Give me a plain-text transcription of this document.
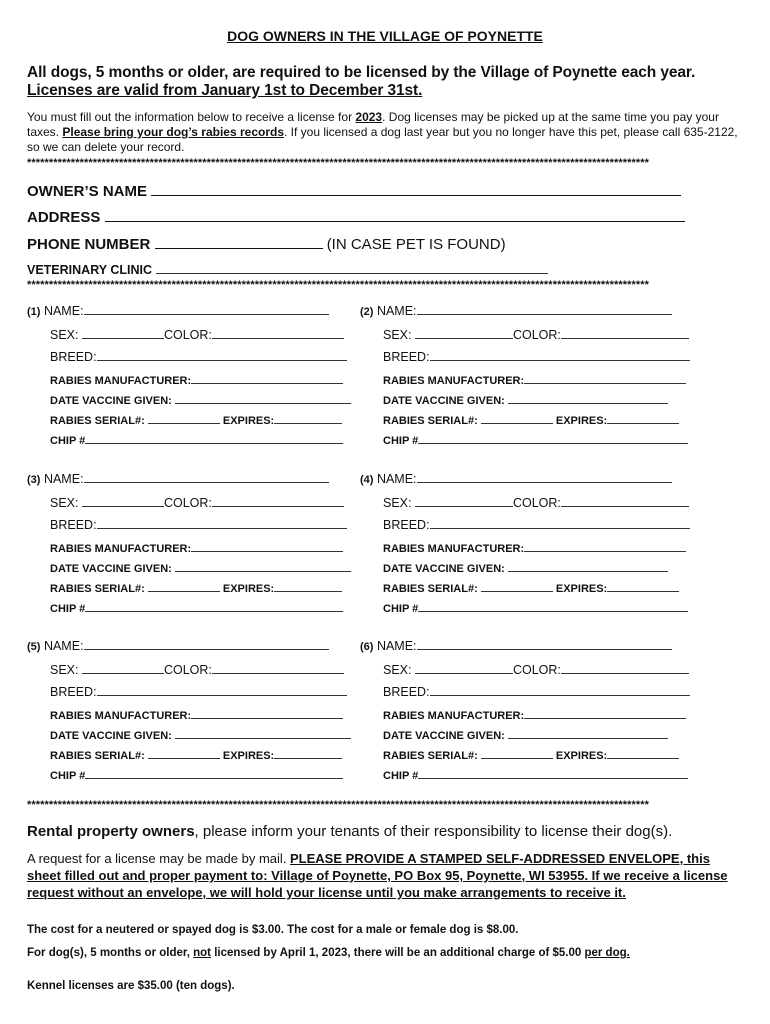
DOG OWNERS IN THE VILLAGE OF POYNETTE
All dogs, 5 months or older, are required to be licensed by the Village of Poynette each year.
Licenses are valid from January 1st to December 31st.
You must fill out the information below to receive a license for 2023. Dog licenses may be picked up at the same time you pay your taxes. Please bring your dog’s rabies records. If you licensed a dog last year but you no longer have this pet, please call 635-2122, so we can delete your record.
**********************************************************************************************************************************************
OWNER’S NAME
ADDRESS
PHONE NUMBER	(IN CASE PET IS FOUND)
VETERINARY CLINIC
**********************************************************************************************************************************************
(1) NAME:
SEX:	COLOR:
BREED:
RABIES MANUFACTURER:
DATE VACCINE GIVEN:
RABIES SERIAL#:	EXPIRES:
CHIP #
(2) NAME:
SEX:	COLOR:
BREED:
RABIES MANUFACTURER:
DATE VACCINE GIVEN:
RABIES SERIAL#:	EXPIRES:
CHIP #
(3) NAME:
SEX:	COLOR:
BREED:
RABIES MANUFACTURER:
DATE VACCINE GIVEN:
RABIES SERIAL#:	EXPIRES:
CHIP #
(4) NAME:
SEX:	COLOR:
BREED:
RABIES MANUFACTURER:
DATE VACCINE GIVEN:
RABIES SERIAL#:	EXPIRES:
CHIP #
(5) NAME:
SEX:	COLOR:
BREED:
RABIES MANUFACTURER:
DATE VACCINE GIVEN:
RABIES SERIAL#:	EXPIRES:
CHIP #
(6) NAME:
SEX:	COLOR:
BREED:
RABIES MANUFACTURER:
DATE VACCINE GIVEN:
RABIES SERIAL#:	EXPIRES:
CHIP #
**********************************************************************************************************************************************
Rental property owners, please inform your tenants of their responsibility to license their dog(s).
A request for a license may be made by mail. PLEASE PROVIDE A STAMPED SELF-ADDRESSED ENVELOPE, this sheet filled out and proper payment to: Village of Poynette, PO Box 95, Poynette, WI 53955. If we receive a license request without an envelope, we will hold your license until you make arrangements to receive it.
The cost for a neutered or spayed dog is $3.00. The cost for a male or female dog is $8.00.
For dog(s), 5 months or older, not licensed by April 1, 2023, there will be an additional charge of $5.00 per dog.
Kennel licenses are $35.00 (ten dogs).
